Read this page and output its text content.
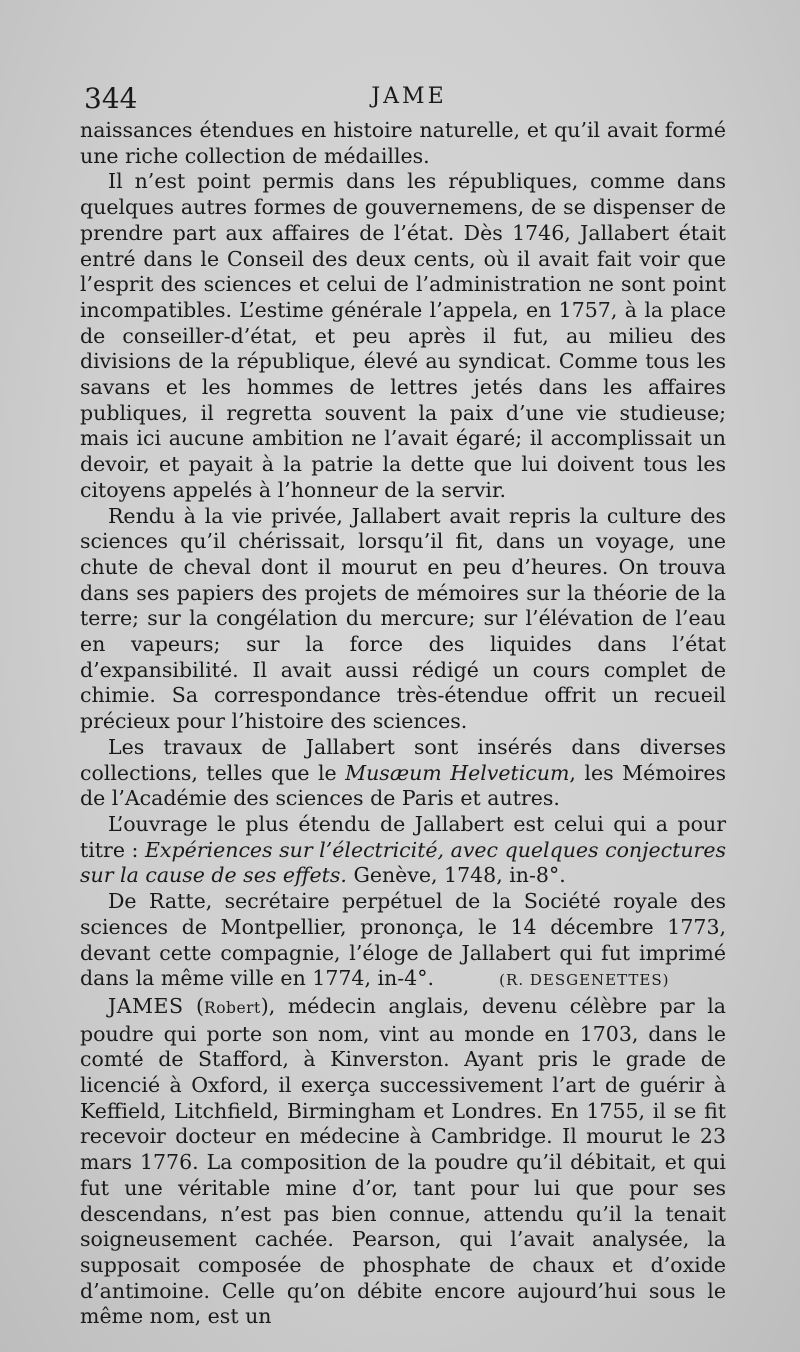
344	JAME

naissances étendues en histoire naturelle, et qu’il avait formé une riche collection de médailles.

Il n’est point permis dans les républiques, comme dans quelques autres formes de gouvernemens, de se dispenser de prendre part aux affaires de l’état. Dès 1746, Jallabert était entré dans le Conseil des deux cents, où il avait fait voir que l’esprit des sciences et celui de l’administration ne sont point incompatibles. L’estime générale l’appela, en 1757, à la place de conseiller-d’état, et peu après il fut, au milieu des divisions de la république, élevé au syndicat. Comme tous les savans et les hommes de lettres jetés dans les affaires publiques, il regretta souvent la paix d’une vie studieuse; mais ici aucune ambition ne l’avait égaré; il accomplissait un devoir, et payait à la patrie la dette que lui doivent tous les citoyens appelés à l’honneur de la servir.

Rendu à la vie privée, Jallabert avait repris la culture des sciences qu’il chérissait, lorsqu’il fit, dans un voyage, une chute de cheval dont il mourut en peu d’heures. On trouva dans ses papiers des projets de mémoires sur la théorie de la terre; sur la congélation du mercure; sur l’élévation de l’eau en vapeurs; sur la force des liquides dans l’état d’expansibilité. Il avait aussi rédigé un cours complet de chimie. Sa correspondance très-étendue offrit un recueil précieux pour l’histoire des sciences.

Les travaux de Jallabert sont insérés dans diverses collections, telles que le Musæum Helveticum, les Mémoires de l’Académie des sciences de Paris et autres.

L’ouvrage le plus étendu de Jallabert est celui qui a pour titre : Expériences sur l’électricité, avec quelques conjectures sur la cause de ses effets. Genève, 1748, in-8°.

De Ratte, secrétaire perpétuel de la Société royale des sciences de Montpellier, prononça, le 14 décembre 1773, devant cette compagnie, l’éloge de Jallabert qui fut imprimé dans la même ville en 1774, in-4°.	(R. DESGENETTES)

JAMES (Robert), médecin anglais, devenu célèbre par la poudre qui porte son nom, vint au monde en 1703, dans le comté de Stafford, à Kinverston. Ayant pris le grade de licencié à Oxford, il exerça successivement l’art de guérir à Keffield, Litchfield, Birmingham et Londres. En 1755, il se fit recevoir docteur en médecine à Cambridge. Il mourut le 23 mars 1776. La composition de la poudre qu’il débitait, et qui fut une véritable mine d’or, tant pour lui que pour ses descendans, n’est pas bien connue, attendu qu’il la tenait soigneusement cachée. Pearson, qui l’avait analysée, la supposait composée de phosphate de chaux et d’oxide d’antimoine. Celle qu’on débite encore aujourd’hui sous le même nom, est un
